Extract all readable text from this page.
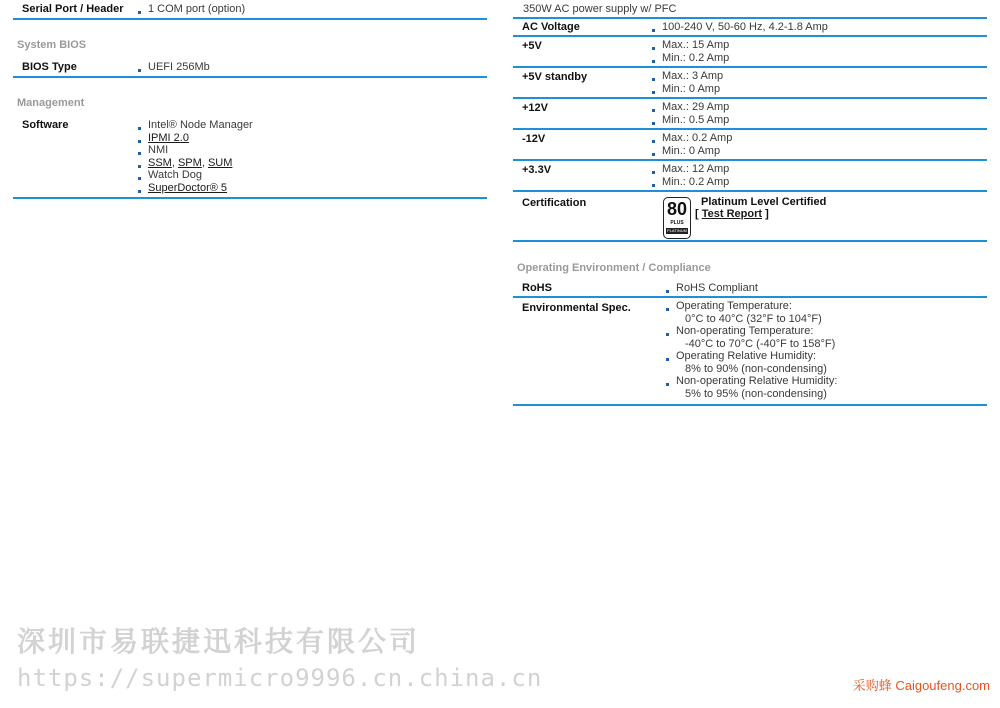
Serial Port / Header	1 COM port (option)
System BIOS
BIOS Type	UEFI 256Mb
Management
Software	Intel® Node Manager
IPMI 2.0
NMI
SSM, SPM, SUM
Watch Dog
SuperDoctor® 5
350W AC power supply w/ PFC
AC Voltage	100-240 V, 50-60 Hz, 4.2-1.8 Amp
+5V	Max.: 15 Amp
Min.: 0.2 Amp
+5V standby	Max.: 3 Amp
Min.: 0 Amp
+12V	Max.: 29 Amp
Min.: 0.5 Amp
-12V	Max.: 0.2 Amp
Min.: 0 Amp
+3.3V	Max.: 12 Amp
Min.: 0.2 Amp
Certification	80
PLUS
PLATINUM
Platinum Level Certified
[ Test Report ]
Operating Environment / Compliance
RoHS	RoHS Compliant
Environmental Spec.	Operating Temperature:
0°C to 40°C (32°F to 104°F)
Non-operating Temperature:
-40°C to 70°C (-40°F to 158°F)
Operating Relative Humidity:
8% to 90% (non-condensing)
Non-operating Relative Humidity:
5% to 95% (non-condensing)
深圳市易联捷迅科技有限公司
https://supermicro9996.cn.china.cn	采购蜂 Caigoufeng.com
